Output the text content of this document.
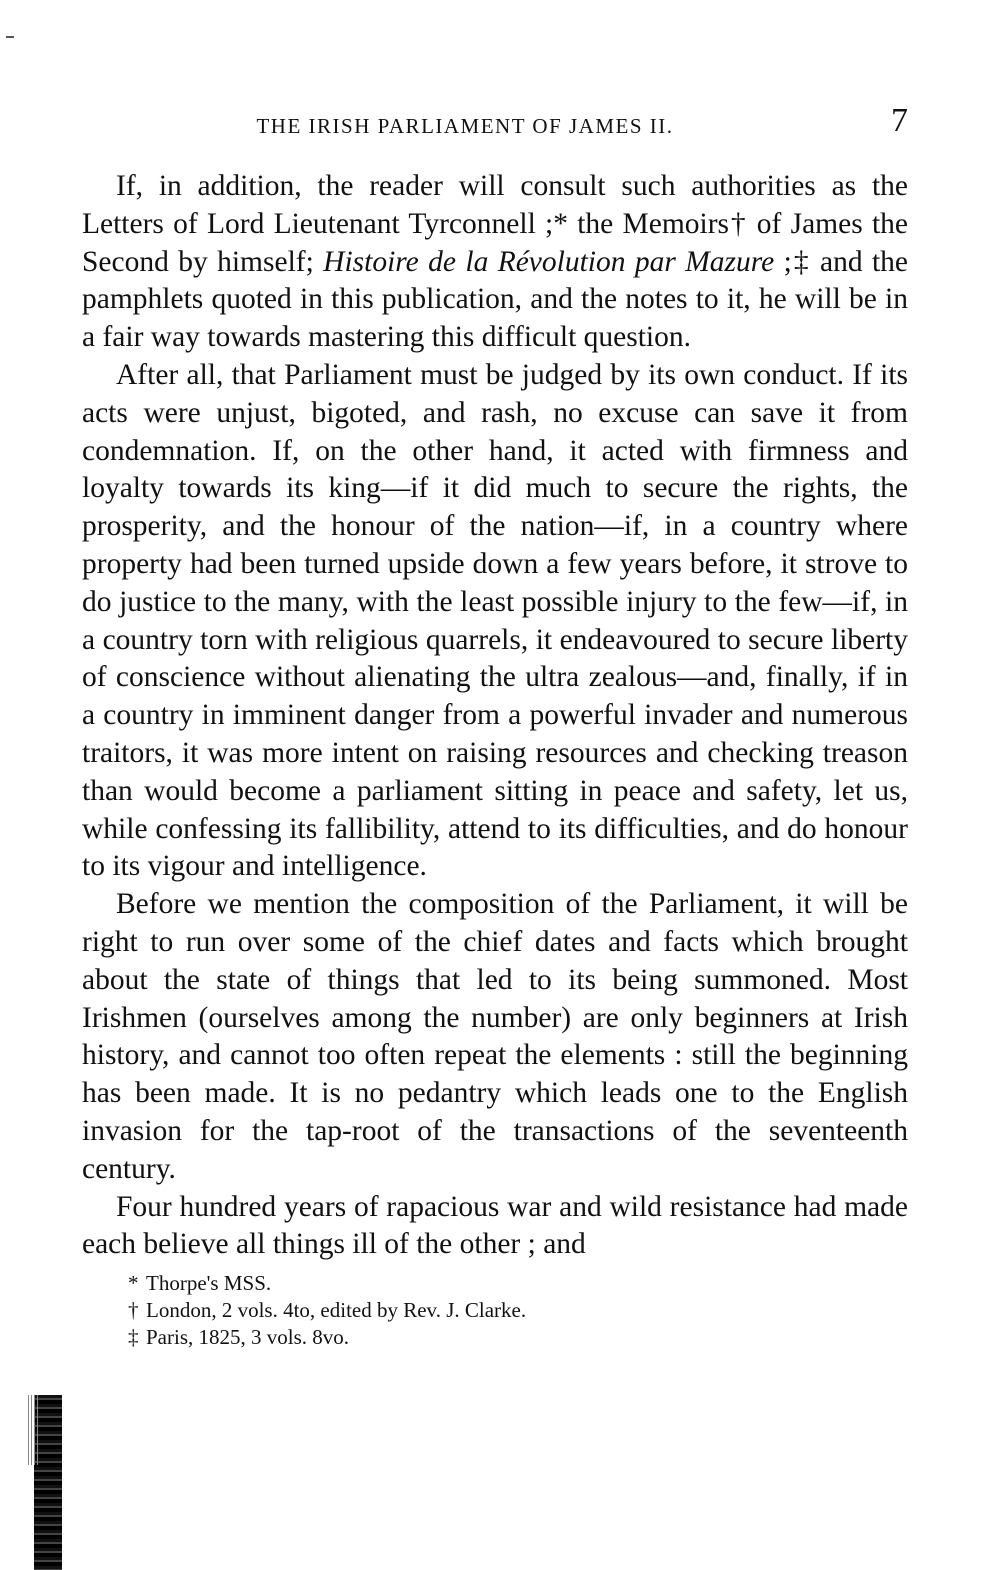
THE IRISH PARLIAMENT OF JAMES II.	7

If, in addition, the reader will consult such authorities as the Letters of Lord Lieutenant Tyrconnell ;* the Memoirs† of James the Second by himself; Histoire de la Révolution par Mazure ;‡ and the pamphlets quoted in this publication, and the notes to it, he will be in a fair way towards mastering this difficult question.

After all, that Parliament must be judged by its own conduct. If its acts were unjust, bigoted, and rash, no excuse can save it from condemnation. If, on the other hand, it acted with firmness and loyalty towards its king—if it did much to secure the rights, the prosperity, and the honour of the nation—if, in a country where property had been turned upside down a few years before, it strove to do justice to the many, with the least possible injury to the few—if, in a country torn with religious quarrels, it endeavoured to secure liberty of conscience without alienating the ultra zealous—and, finally, if in a country in imminent danger from a powerful invader and numerous traitors, it was more intent on raising resources and checking treason than would become a parliament sitting in peace and safety, let us, while confessing its fallibility, attend to its difficulties, and do honour to its vigour and intelligence.

Before we mention the composition of the Parliament, it will be right to run over some of the chief dates and facts which brought about the state of things that led to its being summoned. Most Irishmen (ourselves among the number) are only beginners at Irish history, and cannot too often repeat the elements : still the beginning has been made. It is no pedantry which leads one to the English invasion for the tap-root of the transactions of the seventeenth century.

Four hundred years of rapacious war and wild resistance had made each believe all things ill of the other ; and

* Thorpe's MSS.
† London, 2 vols. 4to, edited by Rev. J. Clarke.
‡ Paris, 1825, 3 vols. 8vo.
